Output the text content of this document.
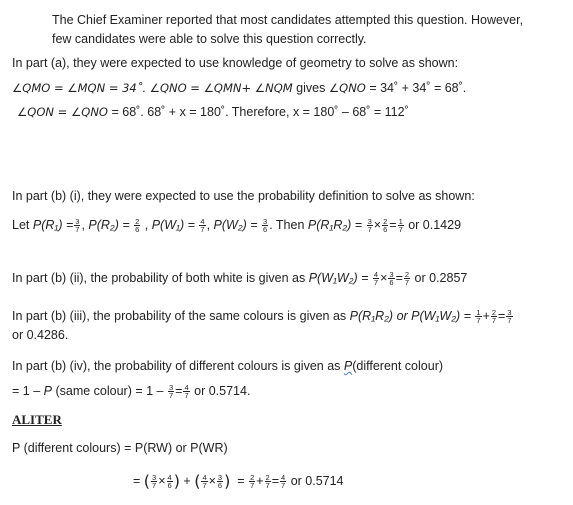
The Chief Examiner reported that most candidates attempted this question. However,
few candidates were able to solve this question correctly.
In part (a), they were expected to use knowledge of geometry to solve as shown:
∠QMO = ∠MQN = 34˚. ∠QNO = ∠QMN+ ∠NQM gives ∠QNO = 34˚ + 34˚ = 68˚.
∠QON = ∠QNO = 68˚. 68˚ + x = 180˚. Therefore, x = 180˚ – 68˚ = 112˚
In part (b) (i), they were expected to use the probability definition to solve as shown:
Let $P(R_1) = \frac{3}{7}$ , $P(R_2) = \frac{2}{6}$ , $P(W_1) = \frac{4}{7}$ , $P(W_2) = \frac{3}{6}$ . Then $P(R_1R_2) = \frac{3}{7} \times \frac{2}{6} = \frac{1}{7}$ or 0.1429
In part (b) (ii), the probability of both white is given as $P(W_1W_2) = \frac{4}{7} \times \frac{3}{6} = \frac{2}{7}$ or 0.2857
In part (b) (iii), the probability of the same colours is given as P(R₁R₂) or $P(W_1W_2) = \frac{1}{7} + \frac{2}{7} = \frac{3}{7}$
or 0.4286.
In part (b) (iv), the probability of different colours is given as P(different colour)
= 1 – P (same colour) = $1 - \frac{3}{7} = \frac{4}{7}$ or 0.5714.
ALITER
P (different colours) = P(RW) or P(WR)
= ( $\frac{3}{7} \times \frac{4}{6}$ ) + ( $\frac{4}{7} \times \frac{3}{6}$ )  = $\frac{2}{7} + \frac{2}{7} = \frac{4}{7}$ or 0.5714
